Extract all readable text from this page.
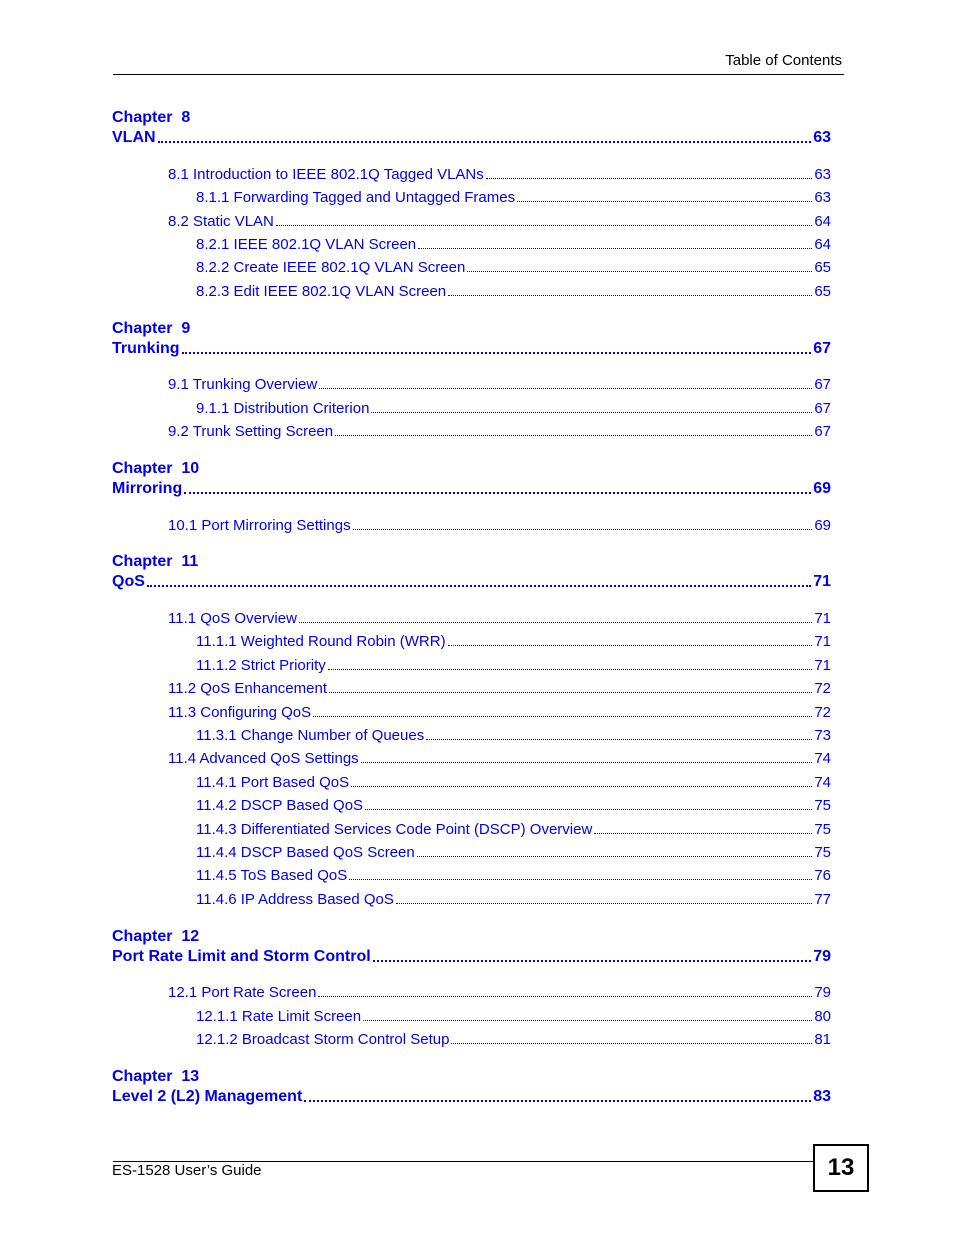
Table of Contents
Chapter  8
VLAN	63
8.1 Introduction to IEEE 802.1Q Tagged VLANs	63
8.1.1 Forwarding Tagged and Untagged Frames	63
8.2 Static VLAN	64
8.2.1 IEEE 802.1Q VLAN Screen	64
8.2.2 Create IEEE 802.1Q VLAN Screen	65
8.2.3 Edit IEEE 802.1Q VLAN Screen	65
Chapter  9
Trunking	67
9.1 Trunking Overview	67
9.1.1 Distribution Criterion	67
9.2 Trunk Setting Screen	67
Chapter  10
Mirroring	69
10.1 Port Mirroring Settings	69
Chapter  11
QoS	71
11.1 QoS Overview	71
11.1.1 Weighted Round Robin (WRR)	71
11.1.2 Strict Priority	71
11.2 QoS Enhancement	72
11.3 Configuring QoS	72
11.3.1 Change Number of Queues	73
11.4 Advanced QoS Settings	74
11.4.1 Port Based QoS	74
11.4.2 DSCP Based QoS	75
11.4.3 Differentiated Services Code Point (DSCP) Overview	75
11.4.4 DSCP Based QoS Screen	75
11.4.5 ToS Based QoS	76
11.4.6 IP Address Based QoS	77
Chapter  12
Port Rate Limit and Storm Control	79
12.1 Port Rate Screen	79
12.1.1 Rate Limit Screen	80
12.1.2 Broadcast Storm Control Setup	81
Chapter  13
Level 2 (L2) Management	83
ES-1528 User’s Guide	13
